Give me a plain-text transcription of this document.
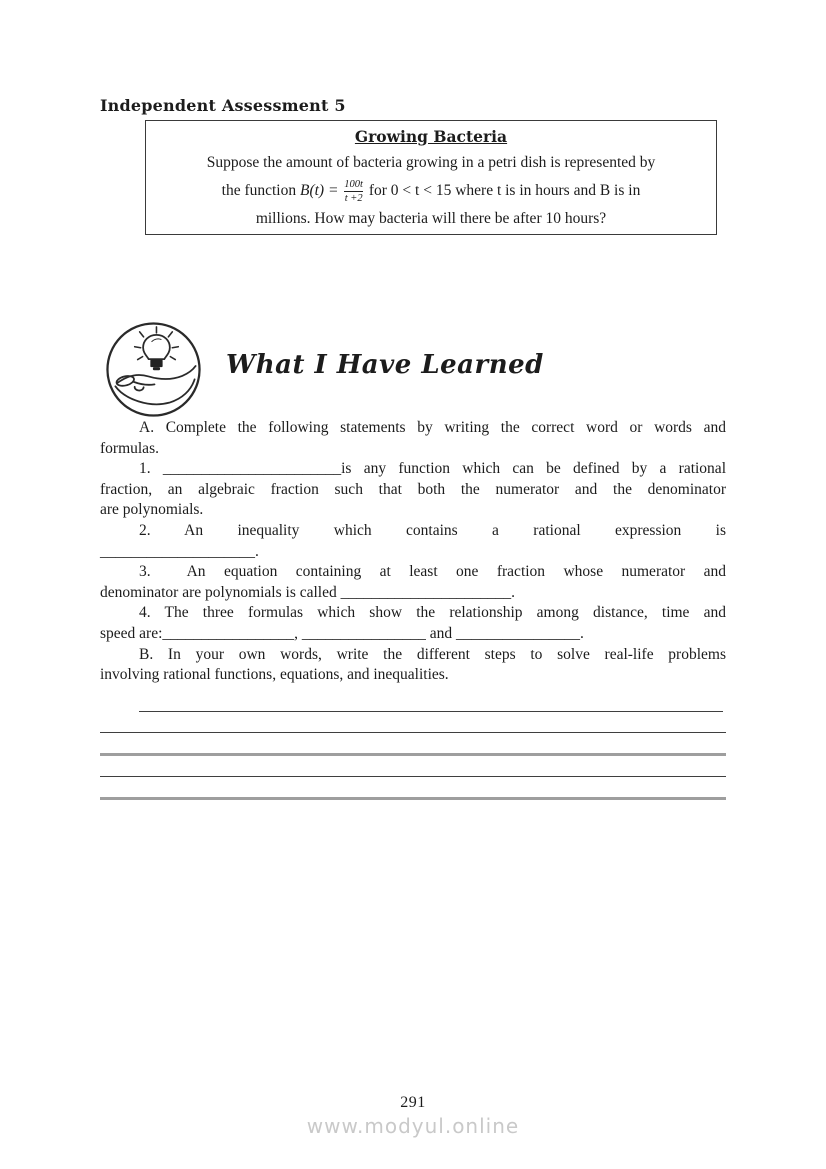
Independent Assessment 5
Growing Bacteria
Suppose the amount of bacteria growing in a petri dish is represented by
the function $B(t) = \frac{100t}{t +2}$ for 0 < t < 15 where t is in hours and B is in
millions. How may bacteria will there be after 10 hours?
What I Have Learned
A. Complete the following statements by writing the correct word or words and
formulas.
1. _______________________is any function which can be defined by a rational
fraction, an algebraic fraction such that both the numerator and the denominator
are polynomials.
2. An inequality which contains a rational expression is
____________________.
3.  An equation containing at least one fraction whose numerator and
denominator are polynomials is called ______________________.
4. The three formulas which show the relationship among distance, time and
speed are:_________________, ________________ and ________________.
B. In your own words, write the different steps to solve real-life problems
involving rational functions, equations, and inequalities.
291
www.modyul.online
